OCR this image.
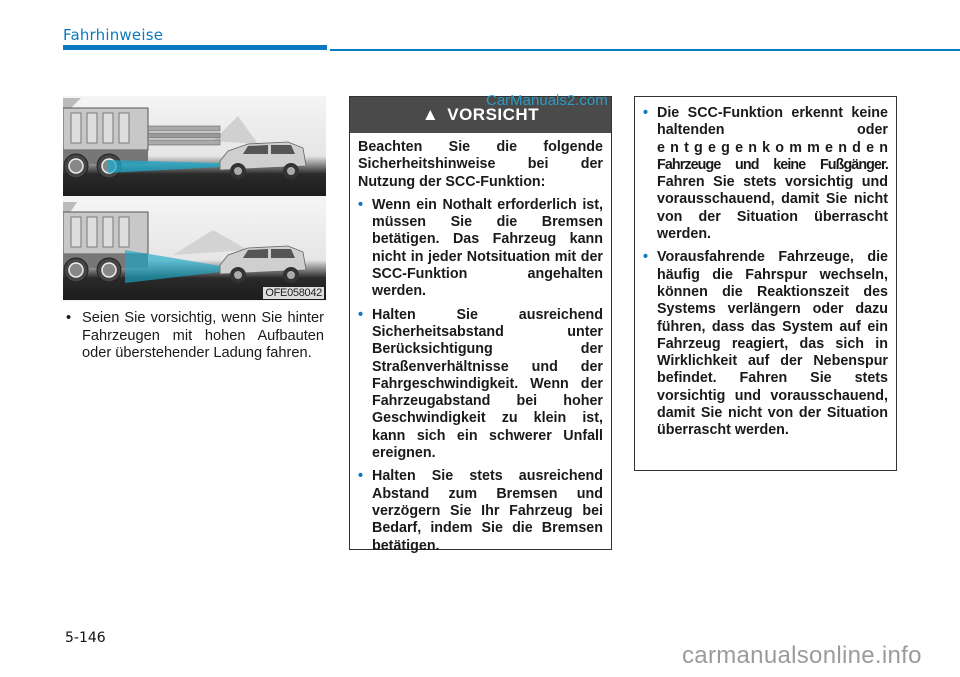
Fahrhinweise
OFE058042
• Seien Sie vorsichtig, wenn Sie hinter Fahrzeugen mit hohen Aufbauten oder überstehender Ladung fahren.
▲ VORSICHT

Beachten Sie die folgende Sicherheitshinweise bei der Nutzung der SCC-Funktion:

• Wenn ein Nothalt erforderlich ist, müssen Sie die Bremsen betätigen. Das Fahrzeug kann nicht in jeder Notsituation mit der SCC-Funktion angehalten werden.
• Halten Sie ausreichend Sicherheitsabstand unter Berücksichtigung der Straßenverhältnisse und der Fahrgeschwindigkeit. Wenn der Fahrzeugabstand bei hoher Geschwindigkeit zu klein ist, kann sich ein schwerer Unfall ereignen.
• Halten Sie stets ausreichend Abstand zum Bremsen und verzögern Sie Ihr Fahrzeug bei Bedarf, indem Sie die Bremsen betätigen.
• Die SCC-Funktion erkennt keine haltenden oder entgegenkommenden Fahrzeuge und keine Fußgänger. Fahren Sie stets vorsichtig und vorausschauend, damit Sie nicht von der Situation überrascht werden.
• Vorausfahrende Fahrzeuge, die häufig die Fahrspur wechseln, können die Reaktionszeit des Systems verlängern oder dazu führen, dass das System auf ein Fahrzeug reagiert, das sich in Wirklichkeit auf der Nebenspur befindet. Fahren Sie stets vorsichtig und vorausschauend, damit Sie nicht von der Situation überrascht werden.
CarManuals2.com
5-146
carmanualsonline.info
